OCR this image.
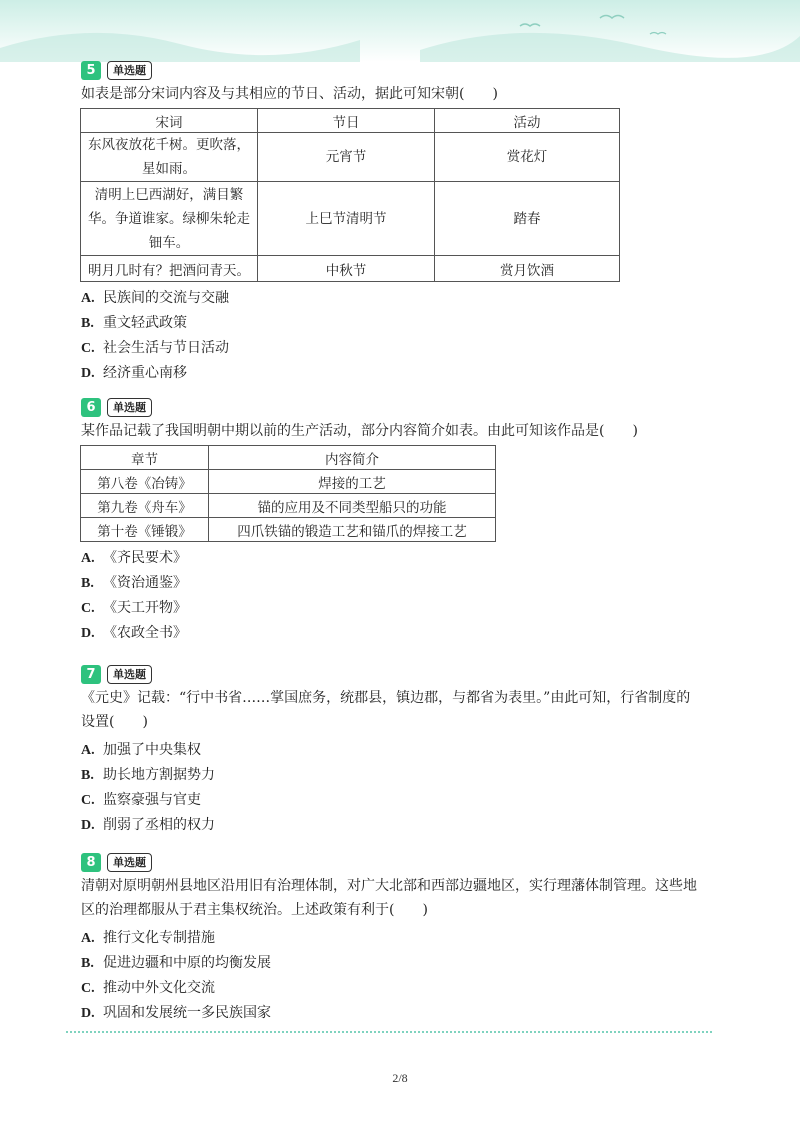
5	单选题
如表是部分宋词内容及与其相应的节日、活动，据此可知宋朝(　　)
宋词	节日	活动
东风夜放花千树。更吹落，星如雨。	元宵节	赏花灯
清明上巳西湖好，满目繁华。争道谁家。绿柳朱轮走钿车。	上巳节清明节	踏春
明月几时有？把酒问青天。	中秋节	赏月饮酒
A. 民族间的交流与交融
B. 重文轻武政策
C. 社会生活与节日活动
D. 经济重心南移
6	单选题
某作品记载了我国明朝中期以前的生产活动，部分内容简介如表。由此可知该作品是(　　)
章节	内容简介
第八卷《冶铸》	焊接的工艺
第九卷《舟车》	锚的应用及不同类型船只的功能
第十卷《锤锻》	四爪铁锚的锻造工艺和锚爪的焊接工艺
A. 《齐民要术》
B. 《资治通鉴》
C. 《天工开物》
D. 《农政全书》
7	单选题
《元史》记载：“行中书省……掌国庶务，统郡县，镇边郡，与都省为表里。”由此可知，行省制度的设置(　　)
A. 加强了中央集权
B. 助长地方割据势力
C. 监察豪强与官吏
D. 削弱了丞相的权力
8	单选题
清朝对原明朝州县地区沿用旧有治理体制，对广大北部和西部边疆地区，实行理藩体制管理。这些地区的治理都服从于君主集权统治。上述政策有利于(　　)
A. 推行文化专制措施
B. 促进边疆和中原的均衡发展
C. 推动中外文化交流
D. 巩固和发展统一多民族国家
2/8
